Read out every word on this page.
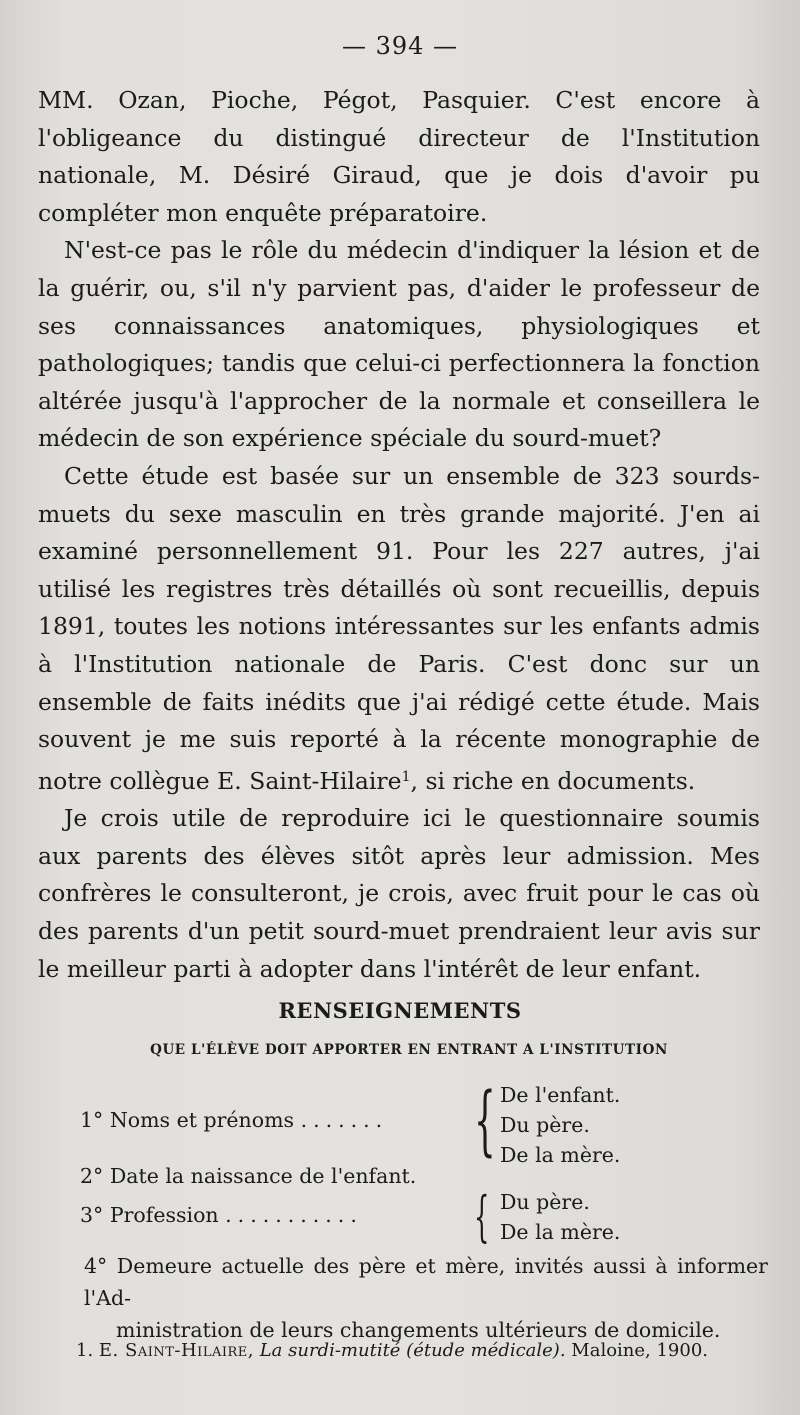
— 394 —

MM. Ozan, Pioche, Pégot, Pasquier. C'est encore à l'obligeance du distingué directeur de l'Institution nationale, M. Désiré Giraud, que je dois d'avoir pu compléter mon enquête préparatoire.

N'est-ce pas le rôle du médecin d'indiquer la lésion et de la guérir, ou, s'il n'y parvient pas, d'aider le professeur de ses connaissances anatomiques, physiologiques et pathologiques; tandis que celui-ci perfectionnera la fonction altérée jusqu'à l'approcher de la normale et conseillera le médecin de son expérience spéciale du sourd-muet?

Cette étude est basée sur un ensemble de 323 sourds-muets du sexe masculin en très grande majorité. J'en ai examiné personnellement 91. Pour les 227 autres, j'ai utilisé les registres très détaillés où sont recueillis, depuis 1891, toutes les notions intéressantes sur les enfants admis à l'Institution nationale de Paris. C'est donc sur un ensemble de faits inédits que j'ai rédigé cette étude. Mais souvent je me suis reporté à la récente monographie de notre collègue E. Saint-Hilaire$^1$, si riche en documents.

Je crois utile de reproduire ici le questionnaire soumis aux parents des élèves sitôt après leur admission. Mes confrères le consulteront, je crois, avec fruit pour le cas où des parents d'un petit sourd-muet prendraient leur avis sur le meilleur parti à adopter dans l'intérêt de leur enfant.

RENSEIGNEMENTS
QUE L'ÉLÈVE DOIT APPORTER EN ENTRANT A L'INSTITUTION
1° Noms et prénoms ....... { De l'enfant.
Du père.
De la mère.
2° Date la naissance de l'enfant.
3° Profession ........... { Du père.
De la mère.
4° Demeure actuelle des père et mère, invités aussi à informer l'Ad-
ministration de leurs changements ultérieurs de domicile.
1. E. Saint-Hilaire, La surdi-mutité (étude médicale). Maloine, 1900.
